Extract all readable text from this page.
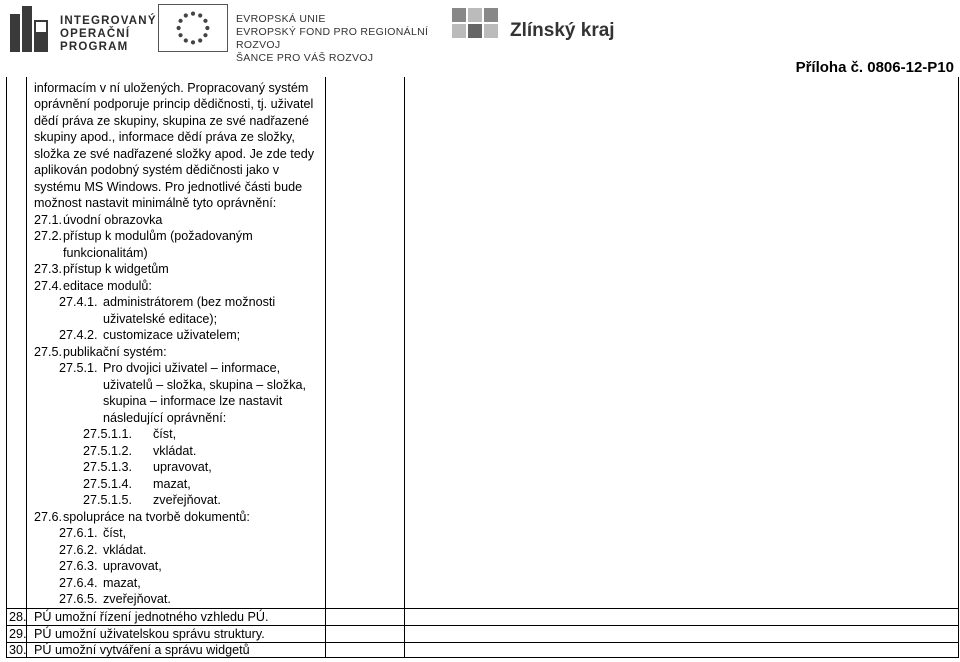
INTEGROVANÝ
OPERAČNÍ
PROGRAM
EVROPSKÁ UNIE
EVROPSKÝ FOND PRO REGIONÁLNÍ ROZVOJ
ŠANCE PRO VÁŠ ROZVOJ
Zlínský kraj
Příloha č. 0806-12-P10
informacím v ní uložených. Propracovaný systém
oprávnění podporuje princip dědičnosti, tj. uživatel
dědí práva ze skupiny, skupina ze své nadřazené
skupiny apod., informace dědí práva ze složky,
složka ze své nadřazené složky apod. Je zde tedy
aplikován podobný systém dědičnosti jako v
systému MS Windows. Pro jednotlivé části bude
možnost nastavit minimálně tyto oprávnění:
27.1. úvodní obrazovka
27.2. přístup k modulům (požadovaným
funkcionalitám)
27.3. přístup k widgetům
27.4. editace modulů:
27.4.1. administrátorem (bez možnosti
uživatelské editace);
27.4.2. customizace uživatelem;
27.5. publikační systém:
27.5.1. Pro dvojici uživatel – informace,
uživatelů – složka, skupina – složka,
skupina – informace lze nastavit
následující oprávnění:
27.5.1.1. číst,
27.5.1.2. vkládat.
27.5.1.3. upravovat,
27.5.1.4. mazat,
27.5.1.5. zveřejňovat.
27.6. spolupráce na tvorbě dokumentů:
27.6.1. číst,
27.6.2. vkládat.
27.6.3. upravovat,
27.6.4. mazat,
27.6.5. zveřejňovat.
28. PÚ umožní řízení jednotného vzhledu PÚ.
29. PÚ umožní uživatelskou správu struktury.
30. PÚ umožní vytváření a správu widgetů
